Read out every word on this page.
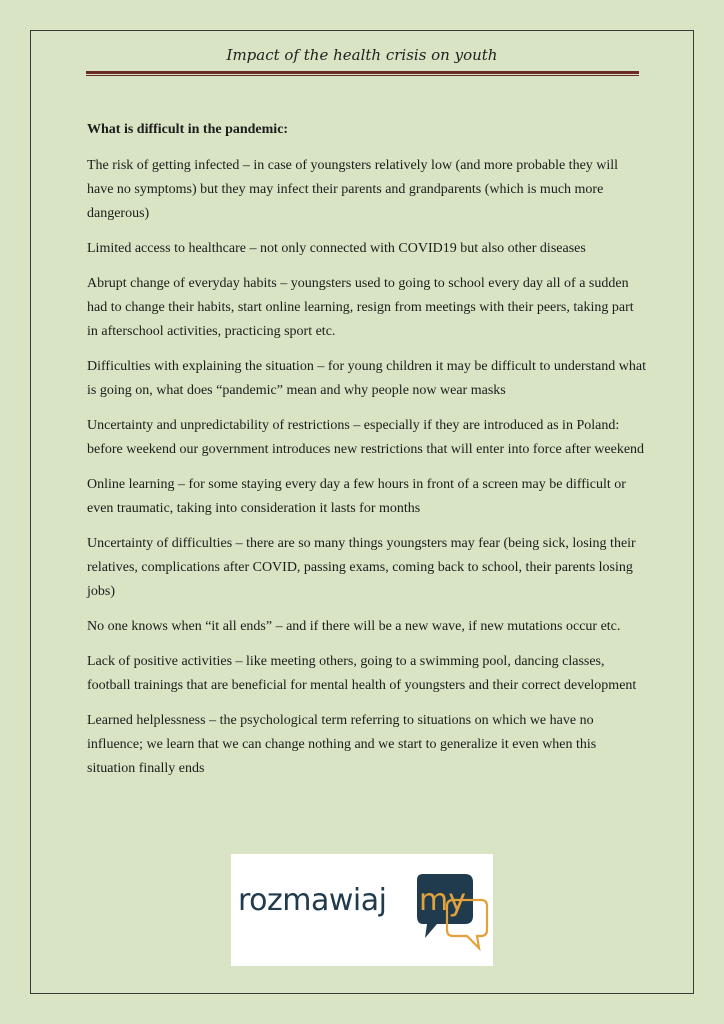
Impact of the health crisis on youth

What is difficult in the pandemic:

The risk of getting infected – in case of youngsters relatively low (and more probable they will have no symptoms) but they may infect their parents and grandparents (which is much more dangerous)

Limited access to healthcare – not only connected with COVID19 but also other diseases

Abrupt change of everyday habits – youngsters used to going to school every day all of a sudden had to change their habits, start online learning, resign from meetings with their peers, taking part in afterschool activities, practicing sport etc.

Difficulties with explaining the situation – for young children it may be difficult to understand what is going on, what does “pandemic” mean and why people now wear masks

Uncertainty and unpredictability of restrictions – especially if they are introduced as in Poland: before weekend our government introduces new restrictions that will enter into force after weekend

Online learning – for some staying every day a few hours in front of a screen may be difficult or even traumatic, taking into consideration it lasts for months

Uncertainty of difficulties – there are so many things youngsters may fear (being sick, losing their relatives, complications after COVID, passing exams, coming back to school, their parents losing jobs)

No one knows when “it all ends” – and if there will be a new wave, if new mutations occur etc.

Lack of positive activities – like meeting others, going to a swimming pool, dancing classes, football trainings that are beneficial for mental health of youngsters and their correct development

Learned helplessness – the psychological term referring to situations on which we have no influence; we learn that we can change nothing and we start to generalize it even when this situation finally ends

rozmawiaj my
